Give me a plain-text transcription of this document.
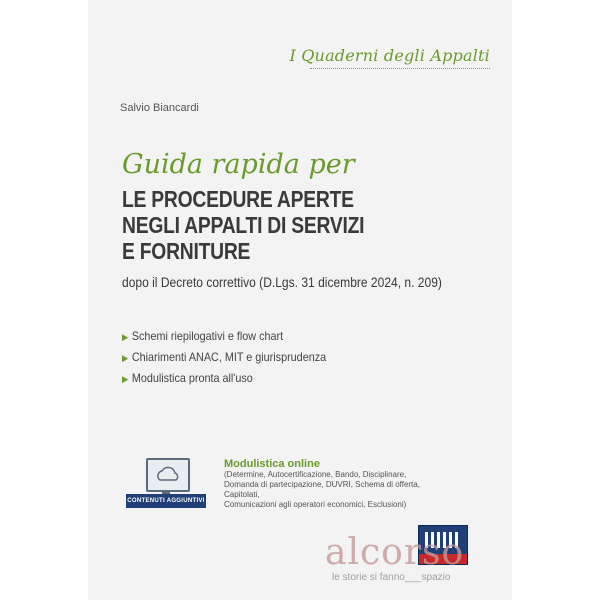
I Quaderni degli Appalti
Salvio Biancardi
Guida rapida per
LE PROCEDURE APERTE
NEGLI APPALTI DI SERVIZI
E FORNITURE
dopo il Decreto correttivo (D.Lgs. 31 dicembre 2024, n. 209)
▶ Schemi riepilogativi e flow chart
▶ Chiarimenti ANAC, MIT e giurisprudenza
▶ Modulistica pronta all'uso
CONTENUTI AGGIUNTIVI
Modulistica online
(Determine, Autocertificazione, Bando, Disciplinare,
Domanda di partecipazione, DUVRI, Schema di offerta, Capitolati,
Comunicazioni agli operatori economici, Esclusioni)
alcorso
le storie si fanno___spazio
